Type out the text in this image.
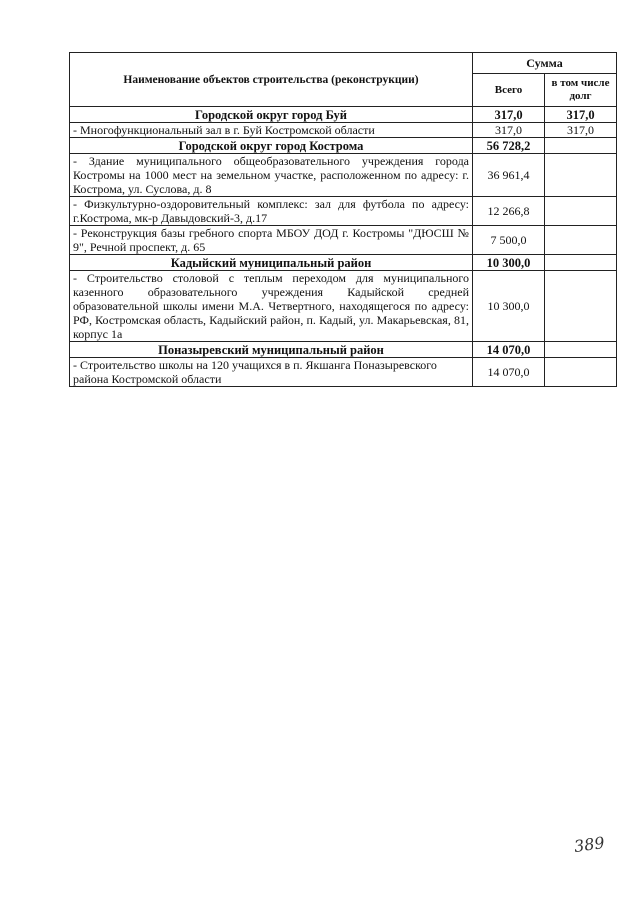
Наименование объектов строительства (реконструкции)	Сумма	
	Всего	в том числе долг
Городской округ город Буй	317,0	317,0
- Многофункциональный зал в г. Буй Костромской области	317,0	317,0
Городской округ город Кострома	56 728,2	
- Здание муниципального общеобразовательного учреждения города Костромы на 1000 мест на земельном участке, расположенном по адресу: г. Кострома, ул. Суслова, д. 8	36 961,4	
- Физкультурно-оздоровительный комплекс: зал для футбола по адресу: г.Кострома, мк-р Давыдовский-3, д.17	12 266,8	
- Реконструкция базы гребного спорта МБОУ ДОД г. Костромы "ДЮСШ № 9", Речной проспект, д. 65	7 500,0	
Кадыйский муниципальный район	10 300,0	
- Строительство столовой с теплым переходом для муниципального казенного образовательного учреждения Кадыйской средней образовательной школы имени М.А. Четвертного, находящегося по адресу: РФ, Костромская область, Кадыйский район, п. Кадый, ул. Макарьевская, 81, корпус 1а	10 300,0	
Поназыревский муниципальный район	14 070,0	
- Строительство школы на 120 учащихся в п. Якшанга Поназыревского района Костромской области	14 070,0	
389
